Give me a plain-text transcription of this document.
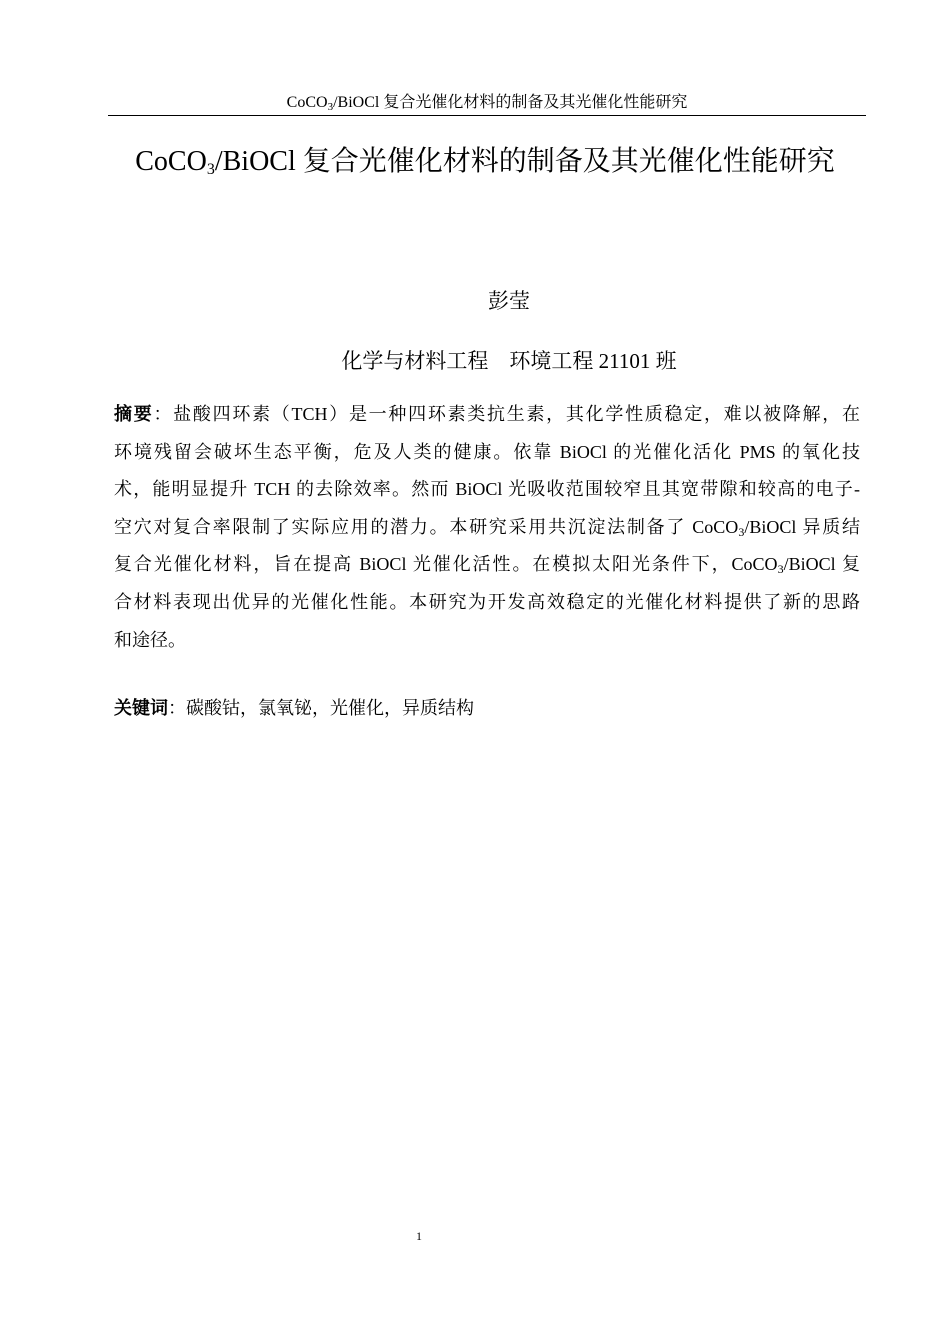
CoCO$_3$/BiOCl 复合光催化材料的制备及其光催化性能研究
CoCO$_3$/BiOCl 复合光催化材料的制备及其光催化性能研究
彭莹
化学与材料工程    环境工程 21101 班
摘要：盐酸四环素（TCH）是一种四环素类抗生素，其化学性质稳定，难以被降解，在
环境残留会破坏生态平衡，危及人类的健康。依靠 BiOCl 的光催化活化 PMS 的氧化技
术，能明显提升 TCH 的去除效率。然而 BiOCl 光吸收范围较窄且其宽带隙和较高的电子-
空穴对复合率限制了实际应用的潜力。本研究采用共沉淀法制备了 CoCO$_3$/BiOCl 异质结
复合光催化材料，旨在提高 BiOCl 光催化活性。在模拟太阳光条件下，CoCO$_3$/BiOCl 复
合材料表现出优异的光催化性能。本研究为开发高效稳定的光催化材料提供了新的思路
和途径。
关键词：碳酸钴，氯氧铋，光催化，异质结构
1
